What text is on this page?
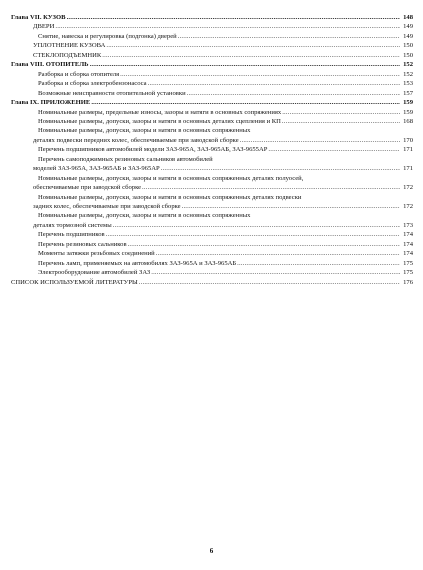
Глава VII. КУЗОВ .....	148
ДВЕРИ .....	149
Снятие, навеска и регулировка (подгонка) дверей .....	149
УПЛОТНЕНИЕ КУЗОВА .....	150
СТЕКЛОПОДЪЕМНИК .....	150
Глава VIII. ОТОПИТЕЛЬ .....	152
Разборка и сборка отопителя .....	152
Разборка и сборка электробензонасоса .....	153
Возможные неисправности отопительной установки .....	157
Глава IX. ПРИЛОЖЕНИЕ .....	159
Номинальные размеры, предельные износы, зазоры и натяги в основных сопряжениях .....	159
Номинальные размеры, допуски, зазоры и натяги в основных деталях сцепления и КП .....	168
Номинальные размеры, допуски, зазоры и натяги в основных сопряженных
деталях подвески передних колес, обеспечиваемые при заводской сборке .....	170
Перечень подшипников автомобилей модели ЗАЗ-965А, ЗАЗ-965АБ, ЗАЗ-9655АР .....	171
Перечень самоподжимных резиновых сальников автомобилей
моделей ЗАЗ-965А, ЗАЗ-965АБ и ЗАЗ-965АР .....	171
Номинальные размеры, допуски, зазоры и натяги в основных сопряженных деталях полуосей,
обеспечиваемые при заводской сборке .....	172
Номинальные размеры, допуски, зазоры и натяги в основных сопряженных деталях подвески
задних колес, обеспечиваемые при заводской сборке .....	172
Номинальные размеры, допуски, зазоры и натяги в основных сопряженных
деталях тормозной системы .....	173
Перечень подшипников .....	174
Перечень резиновых сальников .....	174
Моменты затяжки резьбовых соединений .....	174
Перечень ламп, применяемых на автомобилях ЗАЗ-965А и ЗАЗ-965АБ .....	175
Электрооборудование автомобилей ЗАЗ .....	175
СПИСОК ИСПОЛЬЗУЕМОЙ ЛИТЕРАТУРЫ .....	176
6
